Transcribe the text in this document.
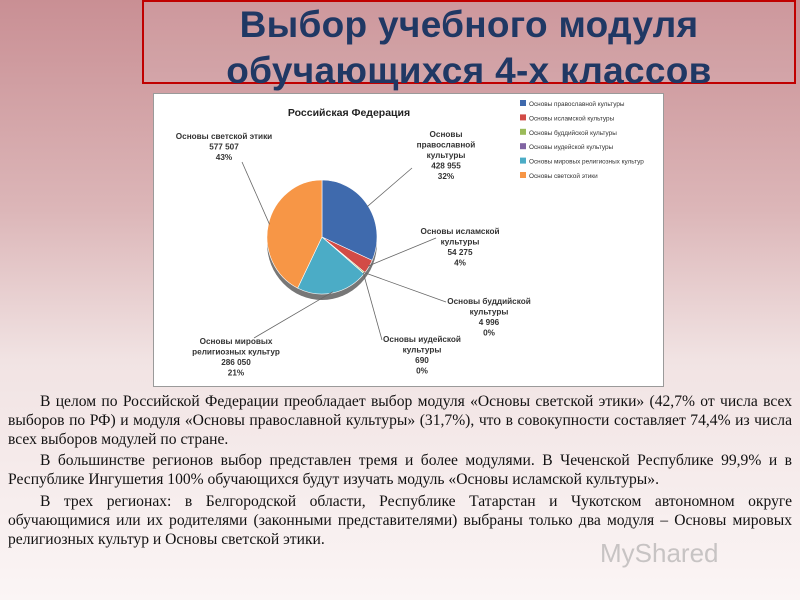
Выбор учебного модуля
обучающихся 4-х классов
Российская Федерация
Основы православной культуры 428 955 32%
Основы исламской культуры 54 275 4%
Основы буддийской культуры 4 996 0%
Основы иудейской культуры 690 0%
Основы мировых религиозных культур 286 050 21%
Основы светской этики 577 507 43%
Основы православной культуры
Основы исламской культуры
Основы буддийской культуры
Основы иудейской культуры
Основы мировых религиозных культур
Основы светской этики

В целом по Российской Федерации преобладает выбор модуля «Основы светской этики» (42,7% от числа всех выборов по РФ) и модуля «Основы православной культуры» (31,7%), что в совокупности составляет 74,4% из числа всех выборов модулей по стране.

В большинстве регионов выбор представлен тремя и более модулями. В Чеченской Республике 99,9% и в Республике Ингушетия 100% обучающихся будут изучать модуль «Основы исламской культуры».

В трех регионах: в Белгородской области, Республике Татарстан и Чукотском автономном округе обучающимися или их родителями (законными представителями) выбраны только два модуля – Основы мировых религиозных культур и Основы светской этики.	MyShared
